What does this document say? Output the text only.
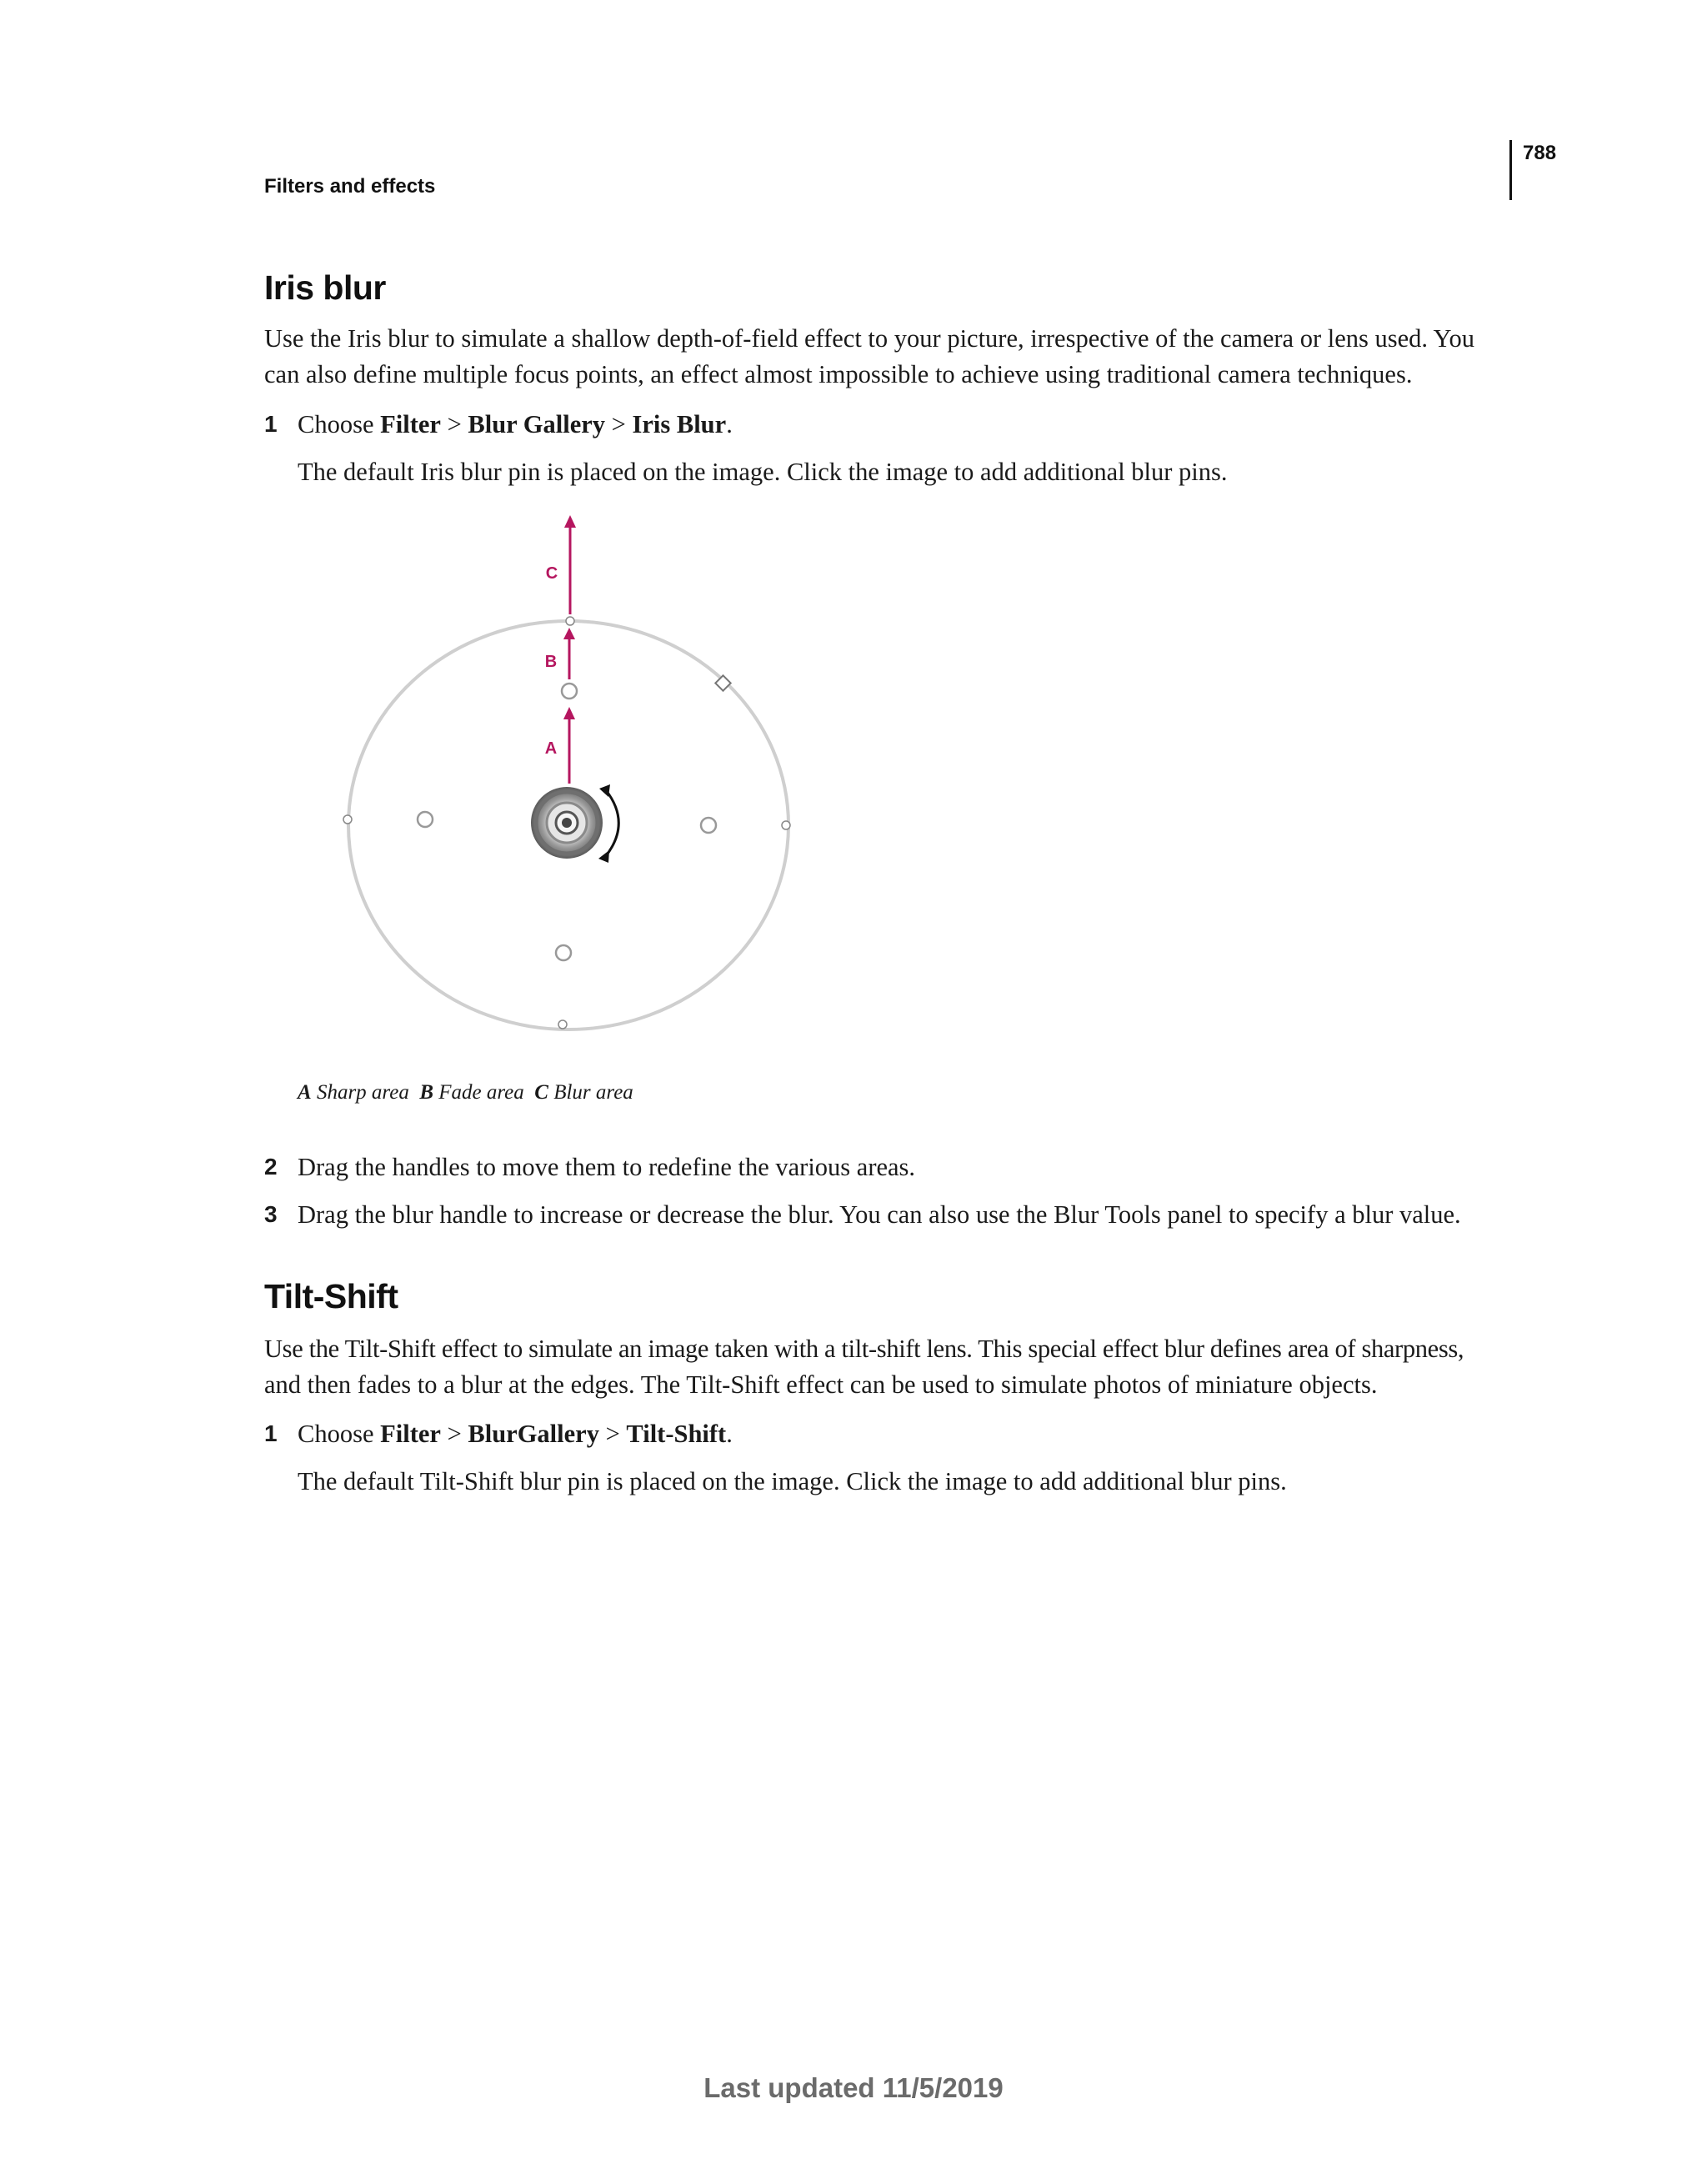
788
Filters and effects
Iris blur
Use the Iris blur to simulate a shallow depth-of-field effect to your picture, irrespective of the camera or lens used. You
can also define multiple focus points, an effect almost impossible to achieve using traditional camera techniques.
1 Choose Filter > Blur Gallery > Iris Blur.
The default Iris blur pin is placed on the image. Click the image to add additional blur pins.
A
B
C
A Sharp area B Fade area C Blur area
2 Drag the handles to move them to redefine the various areas.
3 Drag the blur handle to increase or decrease the blur. You can also use the Blur Tools panel to specify a blur value.
Tilt-Shift
Use the Tilt-Shift effect to simulate an image taken with a tilt-shift lens. This special effect blur defines area of sharpness,
and then fades to a blur at the edges. The Tilt-Shift effect can be used to simulate photos of miniature objects.
1 Choose Filter > BlurGallery > Tilt-Shift.
The default Tilt-Shift blur pin is placed on the image. Click the image to add additional blur pins.
Last updated 11/5/2019
